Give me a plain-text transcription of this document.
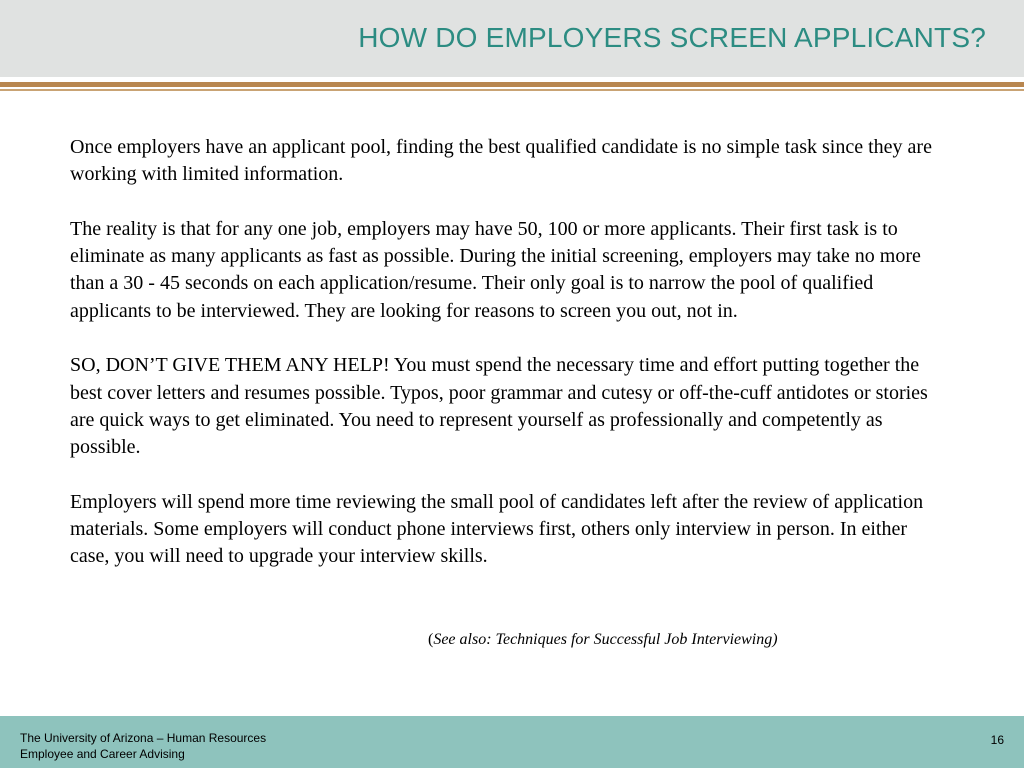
HOW DO EMPLOYERS SCREEN APPLICANTS?

Once employers have an applicant pool, finding the best qualified candidate is no simple task since they are working with limited information.

The reality is that for any one job, employers may have 50, 100 or more applicants. Their first task is to eliminate as many applicants as fast as possible. During the initial screening, employers may take no more than a 30 - 45 seconds on each application/resume. Their only goal is to narrow the pool of qualified applicants to be interviewed. They are looking for reasons to screen you out, not in.

SO, DON’T GIVE THEM ANY HELP! You must spend the necessary time and effort putting together the best cover letters and resumes possible. Typos, poor grammar and cutesy or off-the-cuff antidotes or stories are quick ways to get eliminated. You need to represent yourself as professionally and competently as possible.

Employers will spend more time reviewing the small pool of candidates left after the review of application materials. Some employers will conduct phone interviews first, others only interview in person. In either case, you will need to upgrade your interview skills.

(See also: Techniques for Successful Job Interviewing)
The University of Arizona – Human Resources
Employee and Career Advising
16
